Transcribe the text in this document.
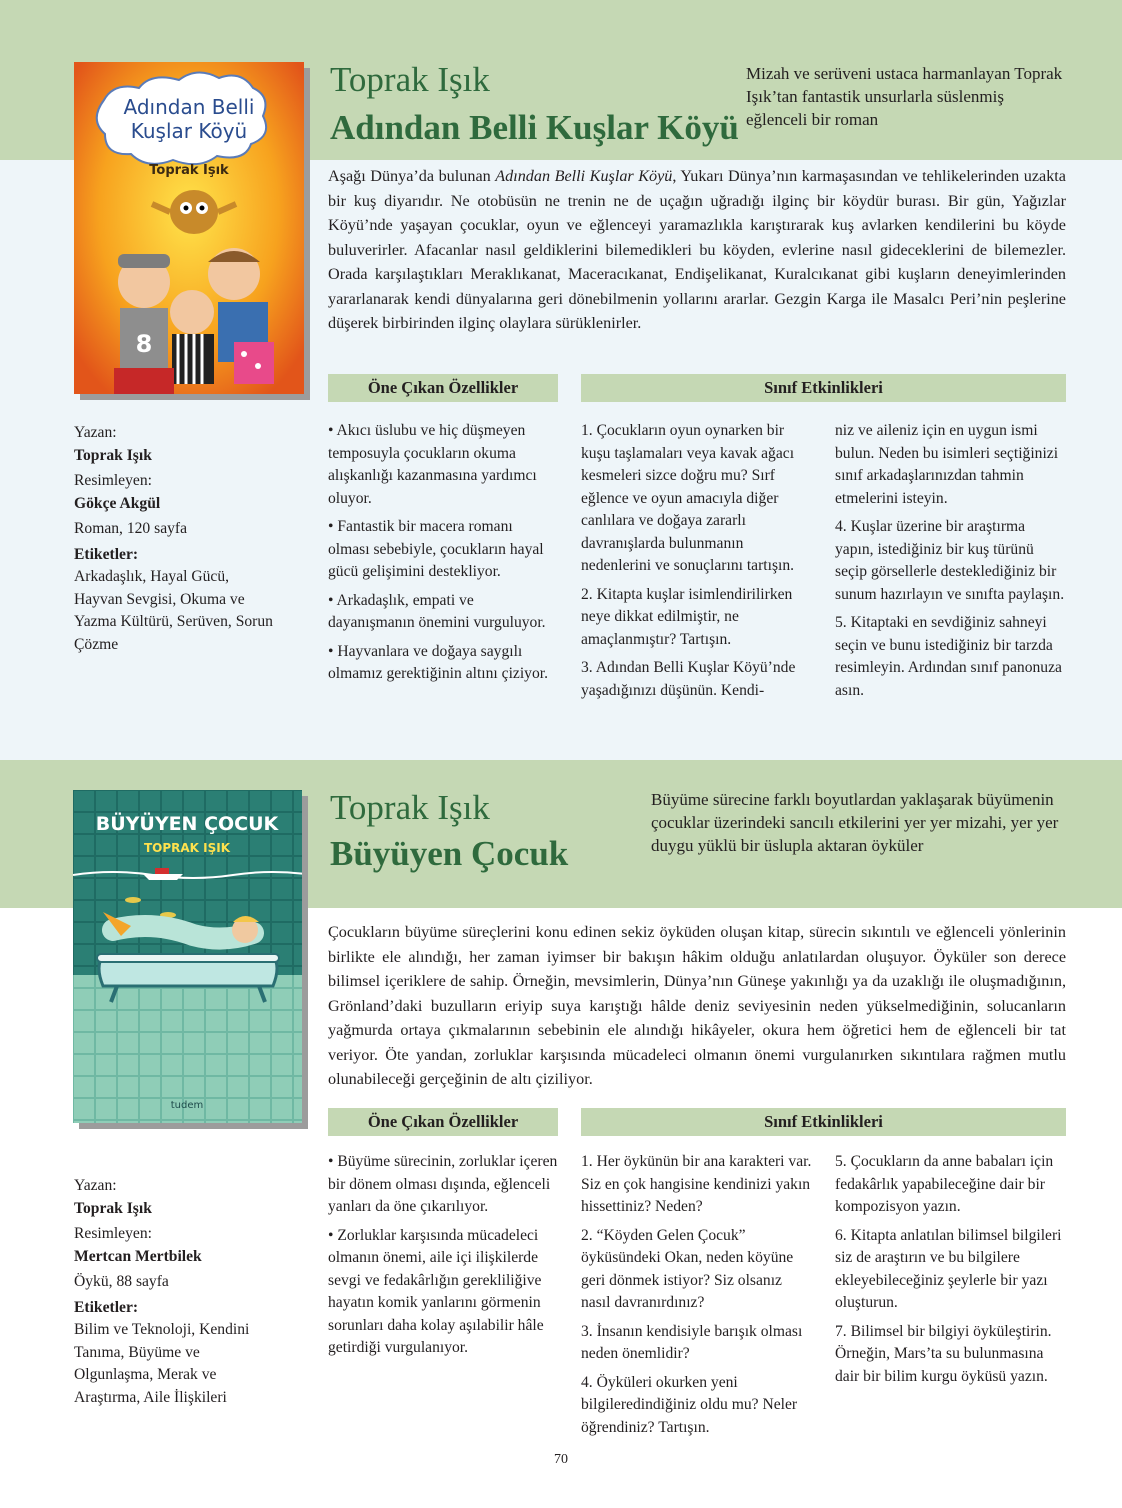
Adından Belli
Kuşlar Köyü
Toprak Işık
8
Toprak Işık
Adından Belli Kuşlar Köyü
Mizah ve serüveni ustaca harmanlayan Toprak Işık’tan fantastik unsurlarla süslenmiş eğlenceli bir roman
Aşağı Dünya’da bulunan Adından Belli Kuşlar Köyü, Yukarı Dünya’nın karmaşasından ve tehlikelerinden uzakta bir kuş diyarıdır. Ne otobüsün ne trenin ne de uçağın uğradığı ilginç bir köydür burası. Bir gün, Yağızlar Köyü’nde yaşayan çocuklar, oyun ve eğlenceyi yaramazlıkla karıştırarak kuş avlarken kendilerini bu köyde buluverirler. Afacanlar nasıl geldiklerini bilemedikleri bu köyden, evlerine nasıl gideceklerini de bilemezler. Orada karşılaştıkları Meraklıkanat, Maceracıkanat, Endişelikanat, Kuralcıkanat gibi kuşların deneyimlerinden yararlanarak kendi dünyalarına geri dönebilmenin yollarını ararlar. Gezgin Karga ile Masalcı Peri’nin peşlerine düşerek birbirinden ilginç olaylara sürüklenirler.
Öne Çıkan Özellikler	Sınıf Etkinlikleri

• Akıcı üslubu ve hiç düşmeyen temposuyla çocukların okuma alışkanlığı kazanmasına yardımcı oluyor.

• Fantastik bir macera romanı olması sebebiyle, çocukların hayal gücü gelişimini destekliyor.

• Arkadaşlık, empati ve dayanışmanın önemini vurguluyor.

• Hayvanlara ve doğaya saygılı olmamız gerektiğinin altını çiziyor.

1. Çocukların oyun oynarken bir kuşu taşlamaları veya kavak ağacı kesmeleri sizce doğru mu? Sırf eğlence ve oyun amacıyla diğer canlılara ve doğaya zararlı davranışlarda bulunmanın nedenlerini ve sonuçlarını tartışın.

2. Kitapta kuşlar isimlendirilirken neye dikkat edilmiştir, ne amaçlanmıştır? Tartışın.

3. Adından Belli Kuşlar Köyü’nde yaşadığınızı düşünün. Kendi-

niz ve aileniz için en uygun ismi bulun. Neden bu isimleri seçtiğinizi sınıf arkadaşlarınızdan tahmin etmelerini isteyin.

4. Kuşlar üzerine bir araştırma yapın, istediğiniz bir kuş türünü seçip görsellerle desteklediğiniz bir sunum hazırlayın ve sınıfta paylaşın.

5. Kitaptaki en sevdiğiniz sahneyi seçin ve bunu istediğiniz bir tarzda resimleyin. Ardından sınıf panonuza asın.

Yazan:
Toprak Işık
Resimleyen:
Gökçe Akgül
Roman, 120 sayfa
Etiketler:
Arkadaşlık, Hayal Gücü, Hayvan Sevgisi, Okuma ve Yazma Kültürü, Serüven, Sorun Çözme
BÜYÜYEN ÇOCUK
TOPRAK IŞIK
tudem
Toprak Işık
Büyüyen Çocuk
Büyüme sürecine farklı boyutlardan yaklaşarak büyümenin çocuklar üzerindeki sancılı etkilerini yer yer mizahi, yer yer duygu yüklü bir üslupla aktaran öyküler
Çocukların büyüme süreçlerini konu edinen sekiz öyküden oluşan kitap, sürecin sıkıntılı ve eğlenceli yönlerinin birlikte ele alındığı, her zaman iyimser bir bakışın hâkim olduğu anlatılardan oluşuyor. Öyküler son derece bilimsel içeriklere de sahip. Örneğin, mevsimlerin, Dünya’nın Güneşe yakınlığı ya da uzaklığı ile oluşmadığının, Grönland’daki buzulların eriyip suya karıştığı hâlde deniz seviyesinin neden yükselmediğinin, solucanların yağmurda ortaya çıkmalarının sebebinin ele alındığı hikâyeler, okura hem öğretici hem de eğlenceli bir tat veriyor. Öte yandan, zorluklar karşısında mücadeleci olmanın önemi vurgulanırken sıkıntılara rağmen mutlu olunabileceği gerçeğinin de altı çiziliyor.
Öne Çıkan Özellikler	Sınıf Etkinlikleri

• Büyüme sürecinin, zorluklar içeren bir dönem olması dışında, eğlenceli yanları da öne çıkarılıyor.

• Zorluklar karşısında mücadeleci olmanın önemi, aile içi ilişkilerde sevgi ve fedakârlığın gerekliliğive hayatın komik yanlarını görmenin sorunları daha kolay aşılabilir hâle getirdiği vurgulanıyor.

1. Her öykünün bir ana karakteri var. Siz en çok hangisine kendinizi yakın hissettiniz? Neden?

2. “Köyden Gelen Çocuk” öyküsündeki Okan, neden köyüne geri dönmek istiyor? Siz olsanız nasıl davranırdınız?

3. İnsanın kendisiyle barışık olması neden önemlidir?

4. Öyküleri okurken yeni bilgileredindiğiniz oldu mu? Neler öğrendiniz? Tartışın.

5. Çocukların da anne babaları için fedakârlık yapabileceğine dair bir kompozisyon yazın.

6. Kitapta anlatılan bilimsel bilgileri siz de araştırın ve bu bilgilere ekleyebileceğiniz şeylerle bir yazı oluşturun.

7. Bilimsel bir bilgiyi öyküleştirin. Örneğin, Mars’ta su bulunmasına dair bir bilim kurgu öyküsü yazın.

Yazan:
Toprak Işık
Resimleyen:
Mertcan Mertbilek
Öykü, 88 sayfa
Etiketler:
Bilim ve Teknoloji, Kendini Tanıma, Büyüme ve Olgunlaşma, Merak ve Araştırma, Aile İlişkileri
70
